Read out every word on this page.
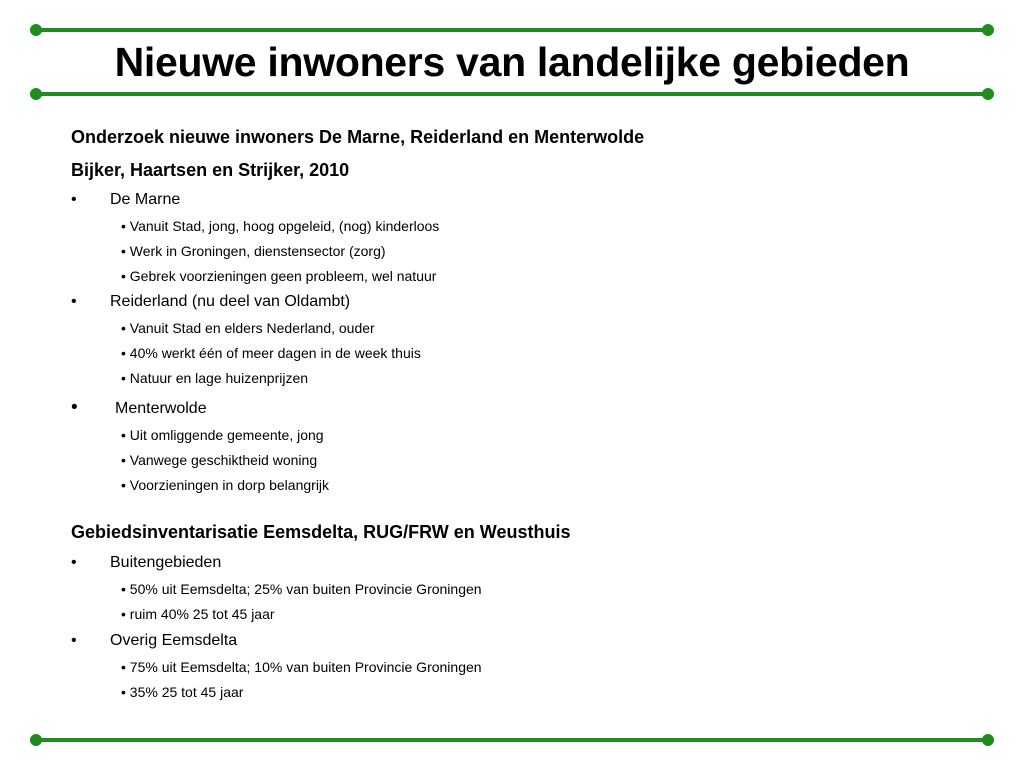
Nieuwe inwoners van landelijke gebieden
Onderzoek nieuwe inwoners De Marne, Reiderland en Menterwolde
Bijker, Haartsen en Strijker, 2010
• De Marne
• Vanuit Stad, jong, hoog opgeleid, (nog) kinderloos
• Werk in Groningen, dienstensector (zorg)
• Gebrek voorzieningen geen probleem, wel natuur
• Reiderland (nu deel van Oldambt)
• Vanuit Stad en elders Nederland, ouder
• 40% werkt één of meer dagen in de week thuis
• Natuur en lage huizenprijzen
• Menterwolde
• Uit omliggende gemeente, jong
• Vanwege geschiktheid woning
• Voorzieningen in dorp belangrijk
Gebiedsinventarisatie Eemsdelta, RUG/FRW en Weusthuis
• Buitengebieden
• 50% uit Eemsdelta; 25% van buiten Provincie Groningen
• ruim 40% 25 tot 45 jaar
• Overig Eemsdelta
• 75% uit Eemsdelta; 10% van buiten Provincie Groningen
• 35% 25 tot 45 jaar
